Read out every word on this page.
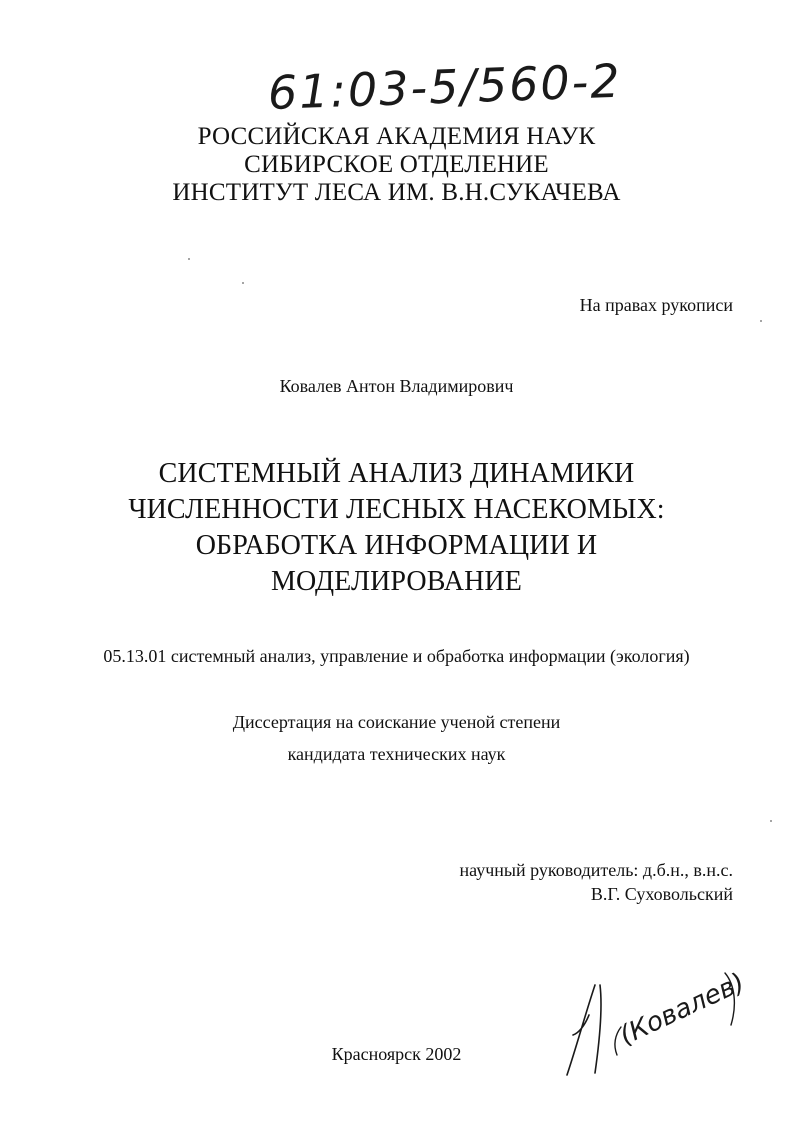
61:03-5/560-2
РОССИЙСКАЯ АКАДЕМИЯ НАУК
СИБИРСКОЕ ОТДЕЛЕНИЕ
ИНСТИТУТ ЛЕСА ИМ. В.Н.СУКАЧЕВА
На правах рукописи
Ковалев Антон Владимирович
СИСТЕМНЫЙ АНАЛИЗ ДИНАМИКИ
ЧИСЛЕННОСТИ ЛЕСНЫХ НАСЕКОМЫХ:
ОБРАБОТКА ИНФОРМАЦИИ И
МОДЕЛИРОВАНИЕ
05.13.01 системный анализ, управление и обработка информации (экология)
Диссертация на соискание ученой степени
кандидата технических наук
научный руководитель: д.б.н., в.н.с.
В.Г. Суховольский
Красноярск 2002
(Ковалев)
